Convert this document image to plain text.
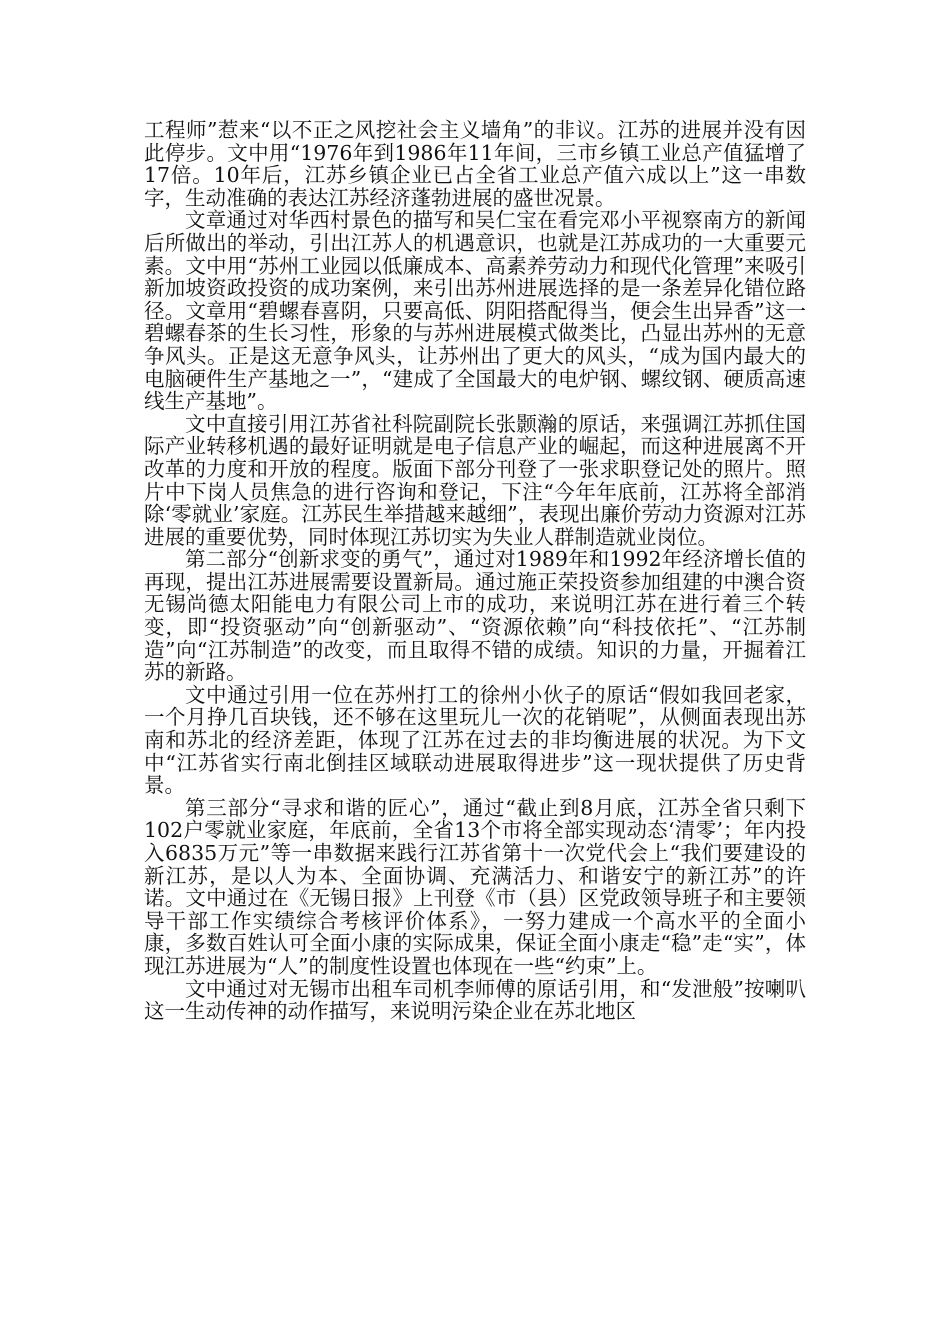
工程师”惹来“以不正之风挖社会主义墙角”的非议。江苏的进展并没有因此停步。文中用“1976年到1986年11年间，三市乡镇工业总产值猛增了17倍。10年后，江苏乡镇企业已占全省工业总产值六成以上”这一串数字，生动准确的表达江苏经济蓬勃进展的盛世况景。

文章通过对华西村景色的描写和吴仁宝在看完邓小平视察南方的新闻后所做出的举动，引出江苏人的机遇意识，也就是江苏成功的一大重要元素。文中用“苏州工业园以低廉成本、高素养劳动力和现代化管理”来吸引新加坡资政投资的成功案例，来引出苏州进展选择的是一条差异化错位路径。文章用“碧螺春喜阴，只要高低、阴阳搭配得当，便会生出异香”这一碧螺春茶的生长习性，形象的与苏州进展模式做类比，凸显出苏州的无意争风头。正是这无意争风头，让苏州出了更大的风头，“成为国内最大的电脑硬件生产基地之一”，“建成了全国最大的电炉钢、螺纹钢、硬质高速线生产基地”。

文中直接引用江苏省社科院副院长张颢瀚的原话，来强调江苏抓住国际产业转移机遇的最好证明就是电子信息产业的崛起，而这种进展离不开改革的力度和开放的程度。版面下部分刊登了一张求职登记处的照片。照片中下岗人员焦急的进行咨询和登记，下注“今年年底前，江苏将全部消除‘零就业’家庭。江苏民生举措越来越细”，表现出廉价劳动力资源对江苏进展的重要优势，同时体现江苏切实为失业人群制造就业岗位。

第二部分“创新求变的勇气”，通过对1989年和1992年经济增长值的再现，提出江苏进展需要设置新局。通过施正荣投资参加组建的中澳合资无锡尚德太阳能电力有限公司上市的成功，来说明江苏在进行着三个转变，即“投资驱动”向“创新驱动”、“资源依赖”向“科技依托”、“江苏制造”向“江苏制造”的改变，而且取得不错的成绩。知识的力量，开掘着江苏的新路。

文中通过引用一位在苏州打工的徐州小伙子的原话“假如我回老家，一个月挣几百块钱，还不够在这里玩儿一次的花销呢”，从侧面表现出苏南和苏北的经济差距，体现了江苏在过去的非均衡进展的状况。为下文中“江苏省实行南北倒挂区域联动进展取得进步”这一现状提供了历史背景。

第三部分“寻求和谐的匠心”，通过“截止到8月底，江苏全省只剩下102户零就业家庭，年底前，全省13个市将全部实现动态‘清零’；年内投入6835万元”等一串数据来践行江苏省第十一次党代会上“我们要建设的新江苏，是以人为本、全面协调、充满活力、和谐安宁的新江苏”的许诺。文中通过在《无锡日报》上刊登《市（县）区党政领导班子和主要领导干部工作实绩综合考核评价体系》，一努力建成一个高水平的全面小康，多数百姓认可全面小康的实际成果，保证全面小康走“稳”走“实”，体现江苏进展为“人”的制度性设置也体现在一些“约束”上。

文中通过对无锡市出租车司机李师傅的原话引用，和“发泄般”按喇叭这一生动传神的动作描写，来说明污染企业在苏北地区
